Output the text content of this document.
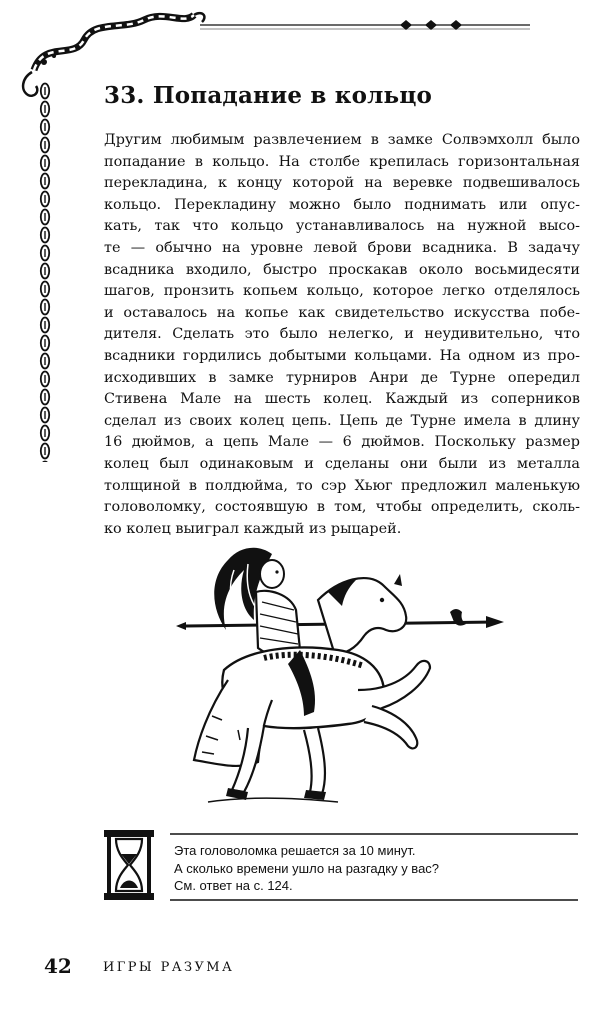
33. Попадание в кольцо
Другим любимым развлечением в замке Солвэмхолл было
попадание в кольцо. На столбе крепилась горизонтальная
перекладина, к концу которой на веревке подвешивалось
кольцо. Перекладину можно было поднимать или опус-
кать, так что кольцо устанавливалось на нужной высо-
те — обычно на уровне левой брови всадника. В задачу
всадника входило, быстро проскакав около восьмидесяти
шагов, пронзить копьем кольцо, которое легко отделялось
и оставалось на копье как свидетельство искусства побе-
дителя. Сделать это было нелегко, и неудивительно, что
всадники гордились добытыми кольцами. На одном из про-
исходивших в замке турниров Анри де Турне опередил
Стивена Мале на шесть колец. Каждый из соперников
сделал из своих колец цепь. Цепь де Турне имела в длину
16 дюймов, а цепь Мале — 6 дюймов. Поскольку размер
колец был одинаковым и сделаны они были из металла
толщиной в полдюйма, то сэр Хьюг предложил маленькую
головоломку, состоявшую в том, чтобы определить, сколь-
ко колец выиграл каждый из рыцарей.
Эта головоломка решается за 10 минут.
А сколько времени ушло на разгадку у вас?
См. ответ на с. 124.

42 ИГРЫ РАЗУМА
